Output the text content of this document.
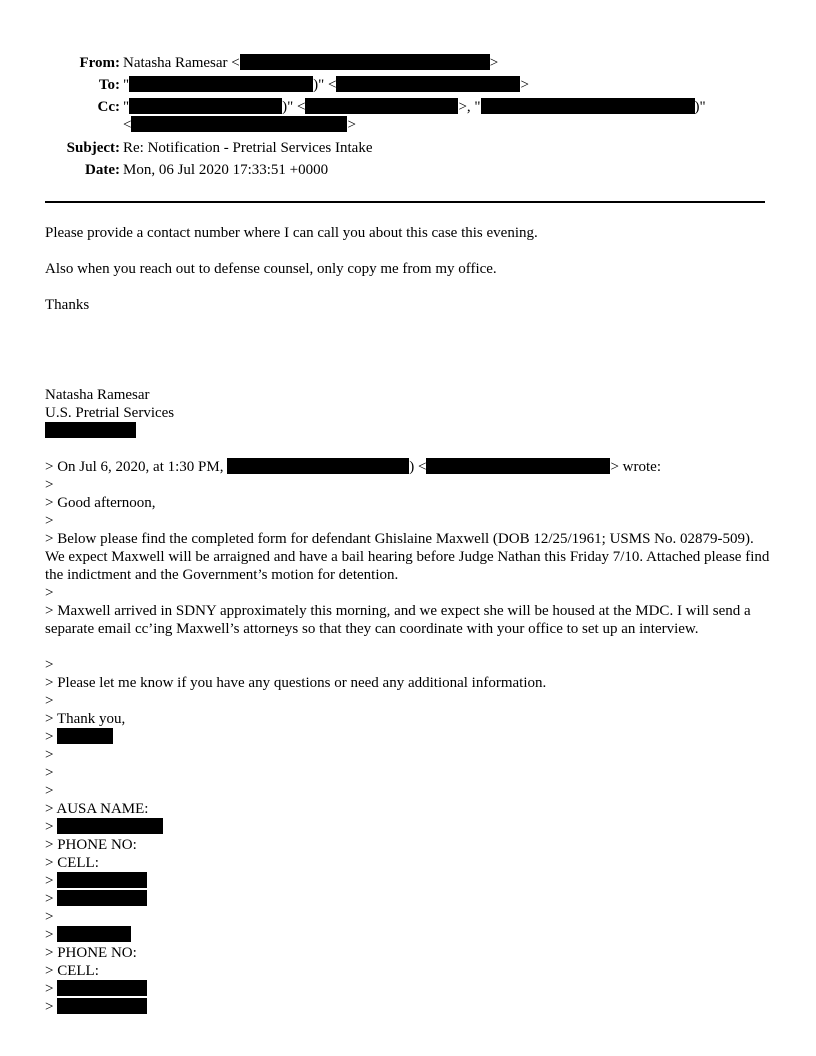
From: Natasha Ramesar <	>
To: "	)" <	>
Cc: "	)" <	>, "	)"
<	>
Subject: Re: Notification - Pretrial Services Intake
Date: Mon, 06 Jul 2020 17:33:51 +0000
Please provide a contact number where I can call you about this case this evening.
Also when you reach out to defense counsel, only copy me from my office.
Thanks
Natasha Ramesar
U.S. Pretrial Services
> On Jul 6, 2020, at 1:30 PM,	) <	> wrote:
>
> Good afternoon,
>
> Below please find the completed form for defendant Ghislaine Maxwell (DOB 12/25/1961; USMS No. 02879-509). We expect Maxwell will be arraigned and have a bail hearing before Judge Nathan this Friday 7/10. Attached please find the indictment and the Government’s motion for detention.
>
> Maxwell arrived in SDNY approximately this morning, and we expect she will be housed at the MDC. I will send a separate email cc’ing Maxwell’s attorneys so that they can coordinate with your office to set up an interview.
>
> Please let me know if you have any questions or need any additional information.
>
> Thank you,
>
>
>
>
> AUSA NAME:
>
> PHONE NO:
> CELL:
>
>
>
>
> PHONE NO:
> CELL:
>
>
